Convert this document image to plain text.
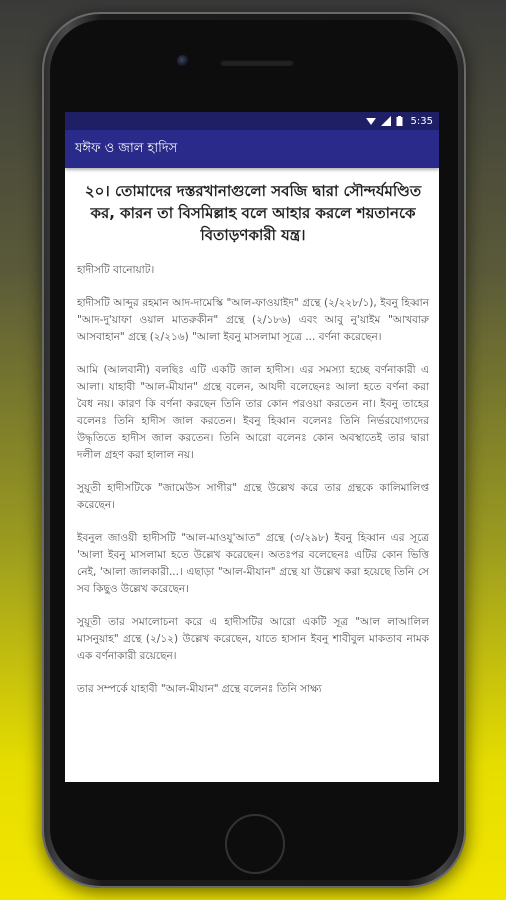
5:35
যঈফ ও জাল হাদিস

২০। তোমাদের দস্তরখানাগুলো সবজি দ্বারা সৌন্দর্যমণ্ডিত কর, কারন তা বিসমিল্লাহ বলে আহার করলে শয়তানকে বিতাড়ণকারী যন্ত্র।

হাদীসটি বানোয়াট।

হাদীসটি আব্দুর রহমান আদ-দামেস্কি "আল-ফাওয়াইদ" গ্রন্থে (২/২২৮/১), ইবনু হিব্বান "আদ-দু'য়াফা ওয়াল মাতরুকীন" গ্রন্থে (২/১৮৬) এবং আবু নু'য়াইম "আখবারু আসবাহান" গ্রন্থে (২/২১৬) "আলা ইবনু মাসলামা সূত্রে ... বর্ণনা করেছেন।

আমি (আলবানী) বলছিঃ এটি একটি জাল হাদীস। এর সমস্যা হচ্ছে বর্ণনাকারী এ আলা। যাহাবী "আল-মীযান" গ্রন্থে বলেন, আযদী বলেছেনঃ আলা হতে বর্ণনা করা বৈধ নয়। কারণ কি বর্ণনা করছেন তিনি তার কোন পরওয়া করতেন না। ইবনু তাহের বলেনঃ তিনি হাদীস জাল করতেন। ইবনু হিব্বান বলেনঃ তিনি নির্ভরযোগ্যদের উদ্ধৃতিতে হাদীস জাল করতেন। তিনি আরো বলেনঃ কোন অবস্থাতেই তার দ্বারা দলীল গ্রহণ করা হালাল নয়।

সুয়ূতী হাদীসটিকে "জামেউস সাগীর" গ্রন্থে উল্লেখ করে তার গ্রন্থকে কালিমালিপ্ত করেছেন।

ইবনুল জাওয়ী হাদীসটি "আল-মাওযু'আত" গ্রন্থে (৩/২৯৮) ইবনু হিব্বান এর সূত্রে 'আলা ইবনু মাসলামা হতে উল্লেখ করেছেন। অতঃপর বলেছেনঃ এটির কোন ভিত্তি নেই, 'আলা জালকারী...। এছাড়া "আল-মীযান" গ্রন্থে যা উল্লেখ করা হয়েছে তিনি সে সব কিছুও উল্লেখ করেছেন।

সুয়ূতী তার সমালোচনা করে এ হাদীসটির আরো একটি সূত্র "আল লাআলিল মাসনুয়াহ" গ্রন্থে (২/১২) উল্লেখ করেছেন, যাতে হাসান ইবনু শাবীবুল মাকতাব নামক এক বর্ণনাকারী রয়েছেন।

তার সম্পর্কে যাহাবী "আল-মীযান" গ্রন্থে বলেনঃ তিনি সাক্ষ্য
